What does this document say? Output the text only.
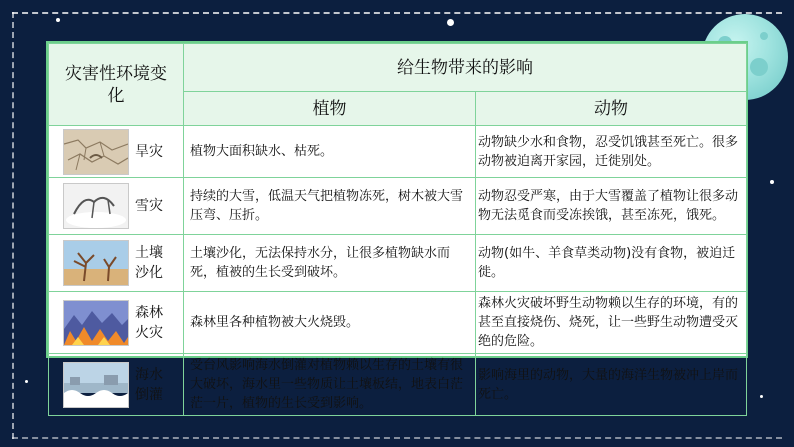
灾害性环境变化	给生物带来的影响	
	植物	动物

旱灾	植物大面积缺水、枯死。	动物缺少水和食物，忍受饥饿甚至死亡。很多动物被迫离开家园，迁徙别处。

雪灾	持续的大雪，低温天气把植物冻死，树木被大雪压弯、压折。	动物忍受严寒，由于大雪覆盖了植物让很多动物无法觅食而受冻挨饿，甚至冻死，饿死。

土壤沙化	土壤沙化，无法保持水分，让很多植物缺水而死，植被的生长受到破坏。	动物(如牛、羊食草类动物)没有食物，被迫迁徙。

森林火灾	森林里各种植物被大火烧毁。	森林火灾破坏野生动物赖以生存的环境，有的甚至直接烧伤、烧死，让一些野生动物遭受灭绝的危险。

海水倒灌	受台风影响海水倒灌对植物赖以生存的土壤有很大破坏，海水里一些物质让土壤板结，地表白茫茫一片，植物的生长受到影响。	影响海里的动物，大量的海洋生物被冲上岸而死亡。
